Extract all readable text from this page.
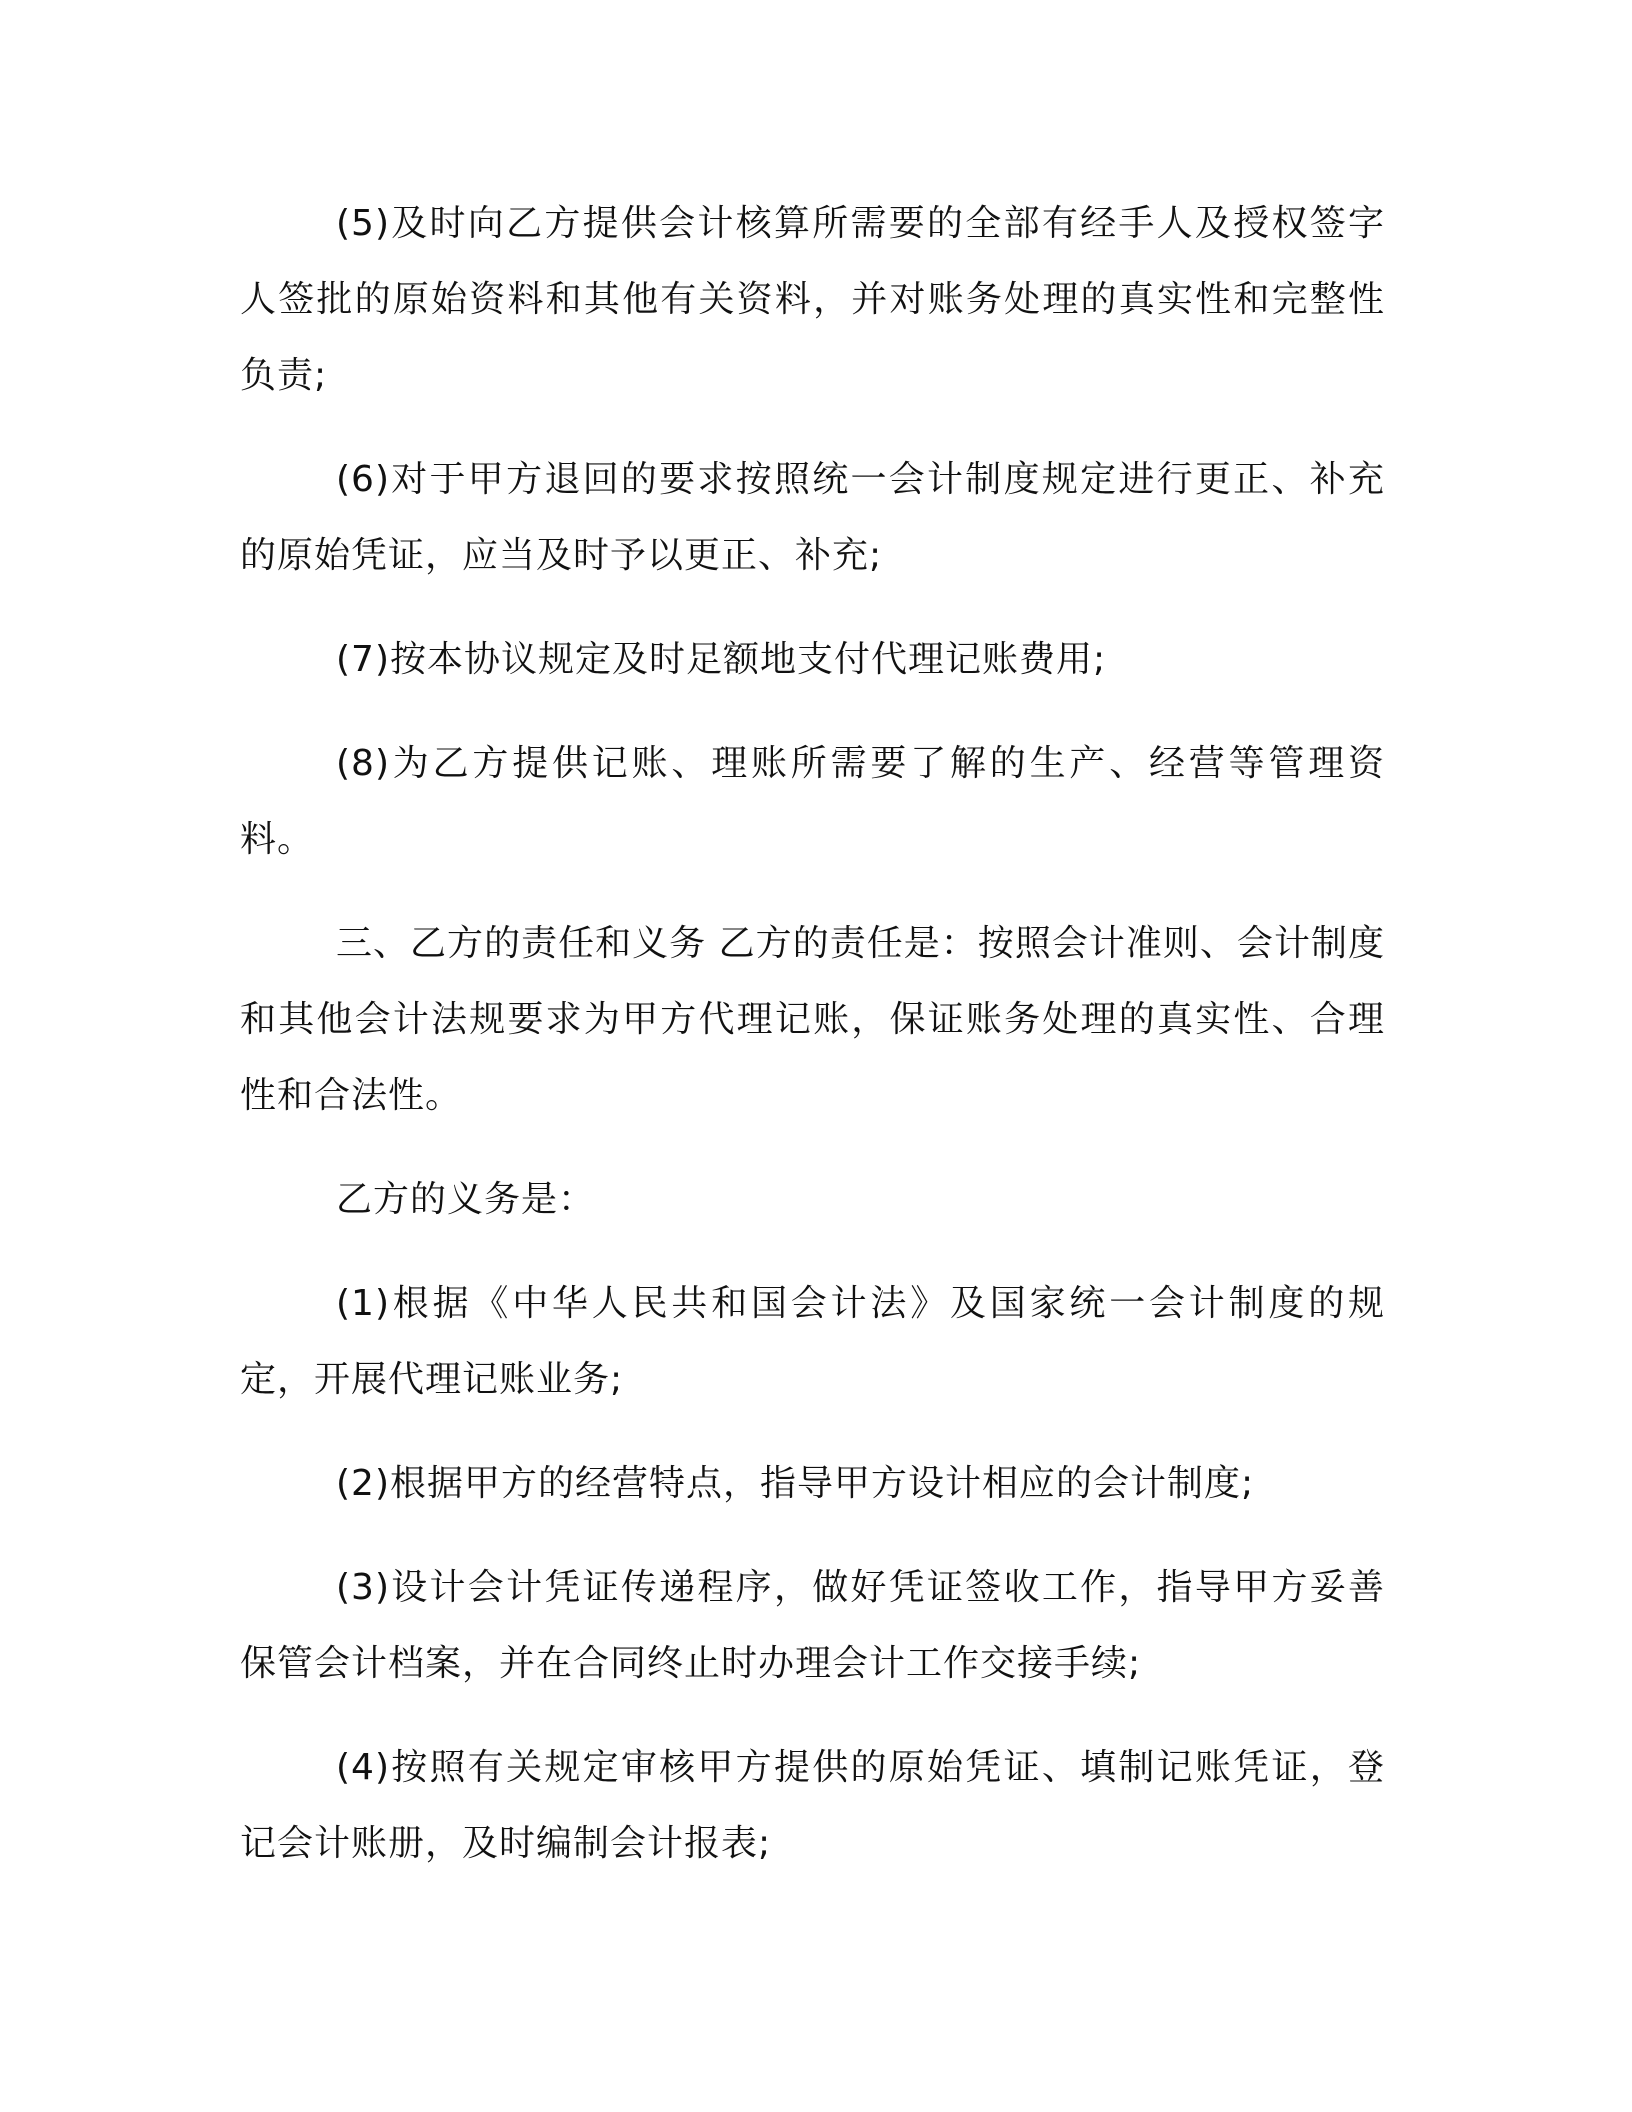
(5)及时向乙方提供会计核算所需要的全部有经手人及授权签字人签批的原始资料和其他有关资料，并对账务处理的真实性和完整性负责;

(6)对于甲方退回的要求按照统一会计制度规定进行更正、补充的原始凭证，应当及时予以更正、补充;

(7)按本协议规定及时足额地支付代理记账费用;

(8)为乙方提供记账、理账所需要了解的生产、经营等管理资料。

三、乙方的责任和义务 乙方的责任是：按照会计准则、会计制度和其他会计法规要求为甲方代理记账，保证账务处理的真实性、合理性和合法性。

乙方的义务是：

(1)根据《中华人民共和国会计法》及国家统一会计制度的规定，开展代理记账业务;

(2)根据甲方的经营特点，指导甲方设计相应的会计制度;

(3)设计会计凭证传递程序，做好凭证签收工作，指导甲方妥善保管会计档案，并在合同终止时办理会计工作交接手续;

(4)按照有关规定审核甲方提供的原始凭证、填制记账凭证，登记会计账册，及时编制会计报表;
